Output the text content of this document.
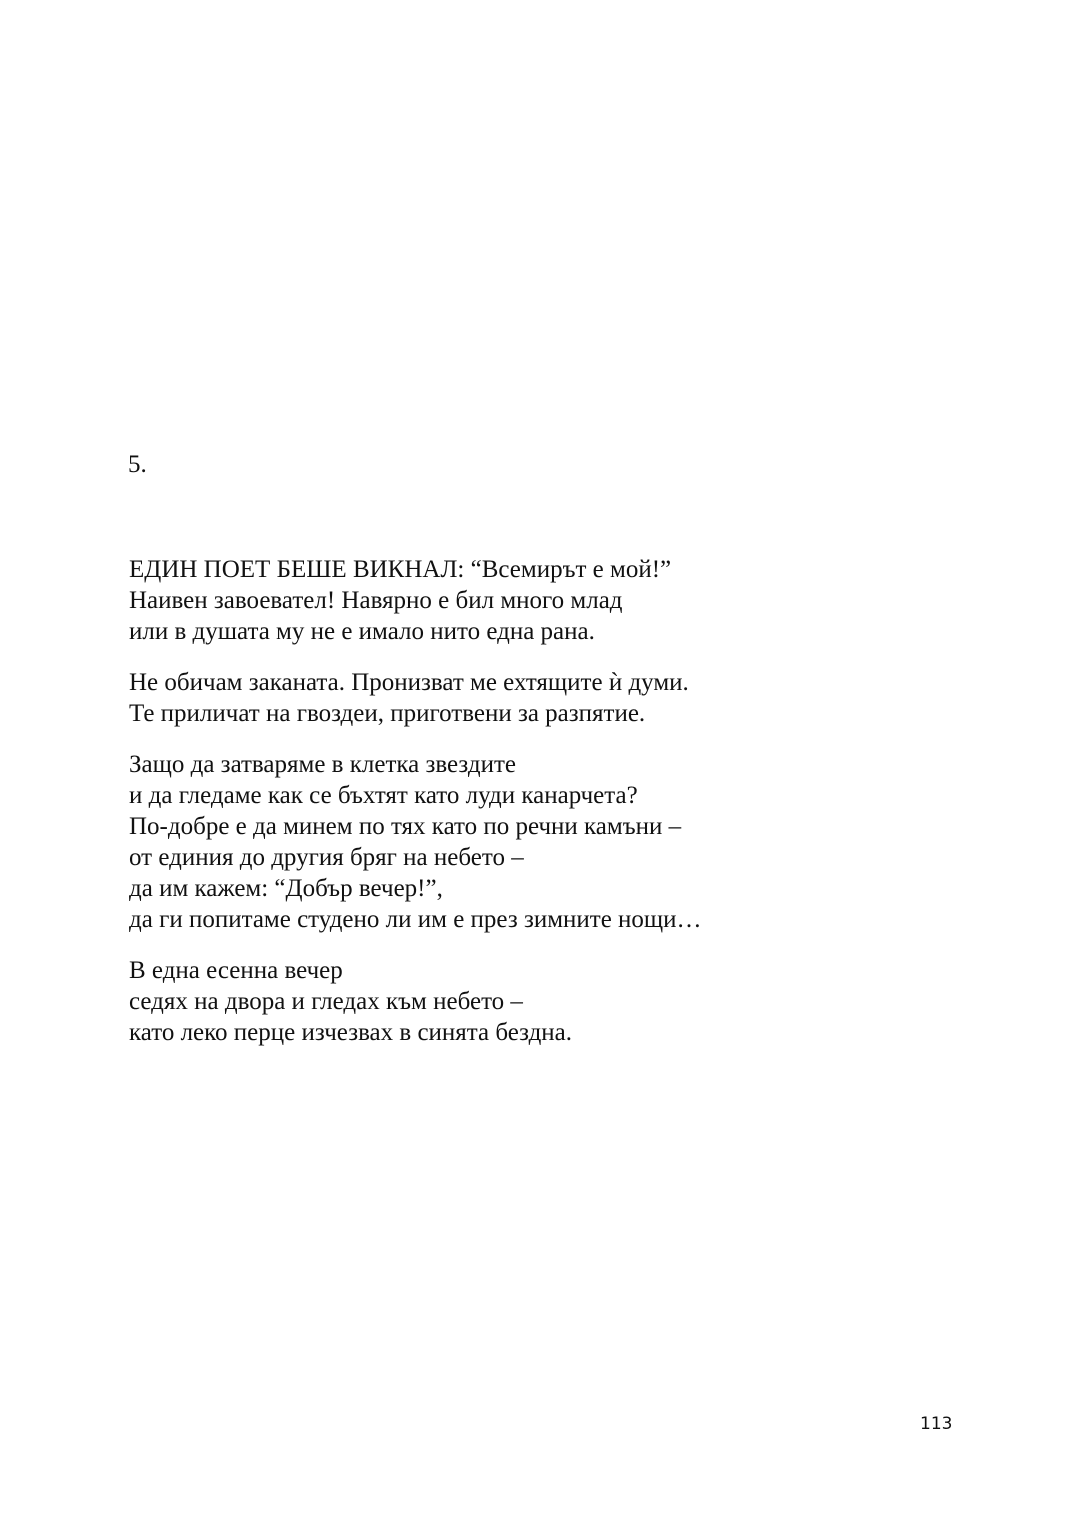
5.

ЕДИН ПОЕТ БЕШЕ ВИКНАЛ: “Всемирът е мой!”
Наивен завоевател! Навярно е бил много млад
или в душата му не е имало нито една рана.
Не обичам заканата. Пронизват ме ехтящите ѝ думи.
Те приличат на гвоздеи, приготвени за разпятие.
Защо да затваряме в клетка звездите
и да гледаме как се бъхтят като луди канарчета?
По-добре е да минем по тях като по речни камъни –
от единия до другия бряг на небето –
да им кажем: “Добър вечер!”,
да ги попитаме студено ли им е през зимните нощи…
В една есенна вечер
седях на двора и гледах към небето –
като леко перце изчезвах в синята бездна.

113
